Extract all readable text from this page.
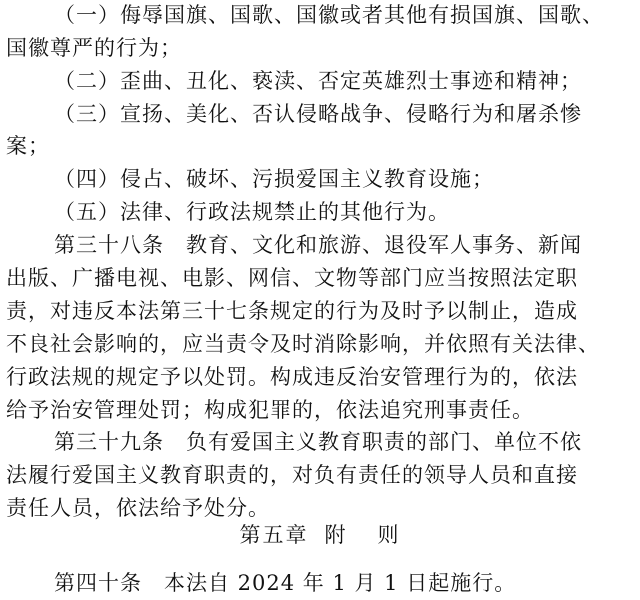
（一）侮辱国旗、国歌、国徽或者其他有损国旗、国歌、
国徽尊严的行为；
（二）歪曲、丑化、亵渎、否定英雄烈士事迹和精神；
（三）宣扬、美化、否认侵略战争、侵略行为和屠杀惨
案；
（四）侵占、破坏、污损爱国主义教育设施；
（五）法律、行政法规禁止的其他行为。
第三十八条　教育、文化和旅游、退役军人事务、新闻
出版、广播电视、电影、网信、文物等部门应当按照法定职
责，对违反本法第三十七条规定的行为及时予以制止，造成
不良社会影响的，应当责令及时消除影响，并依照有关法律、
行政法规的规定予以处罚。构成违反治安管理行为的，依法
给予治安管理处罚；构成犯罪的，依法追究刑事责任。
第三十九条　负有爱国主义教育职责的部门、单位不依
法履行爱国主义教育职责的，对负有责任的领导人员和直接
责任人员，依法给予处分。
第五章 附 则
第四十条　本法自 2024 年 1 月 1 日起施行。
